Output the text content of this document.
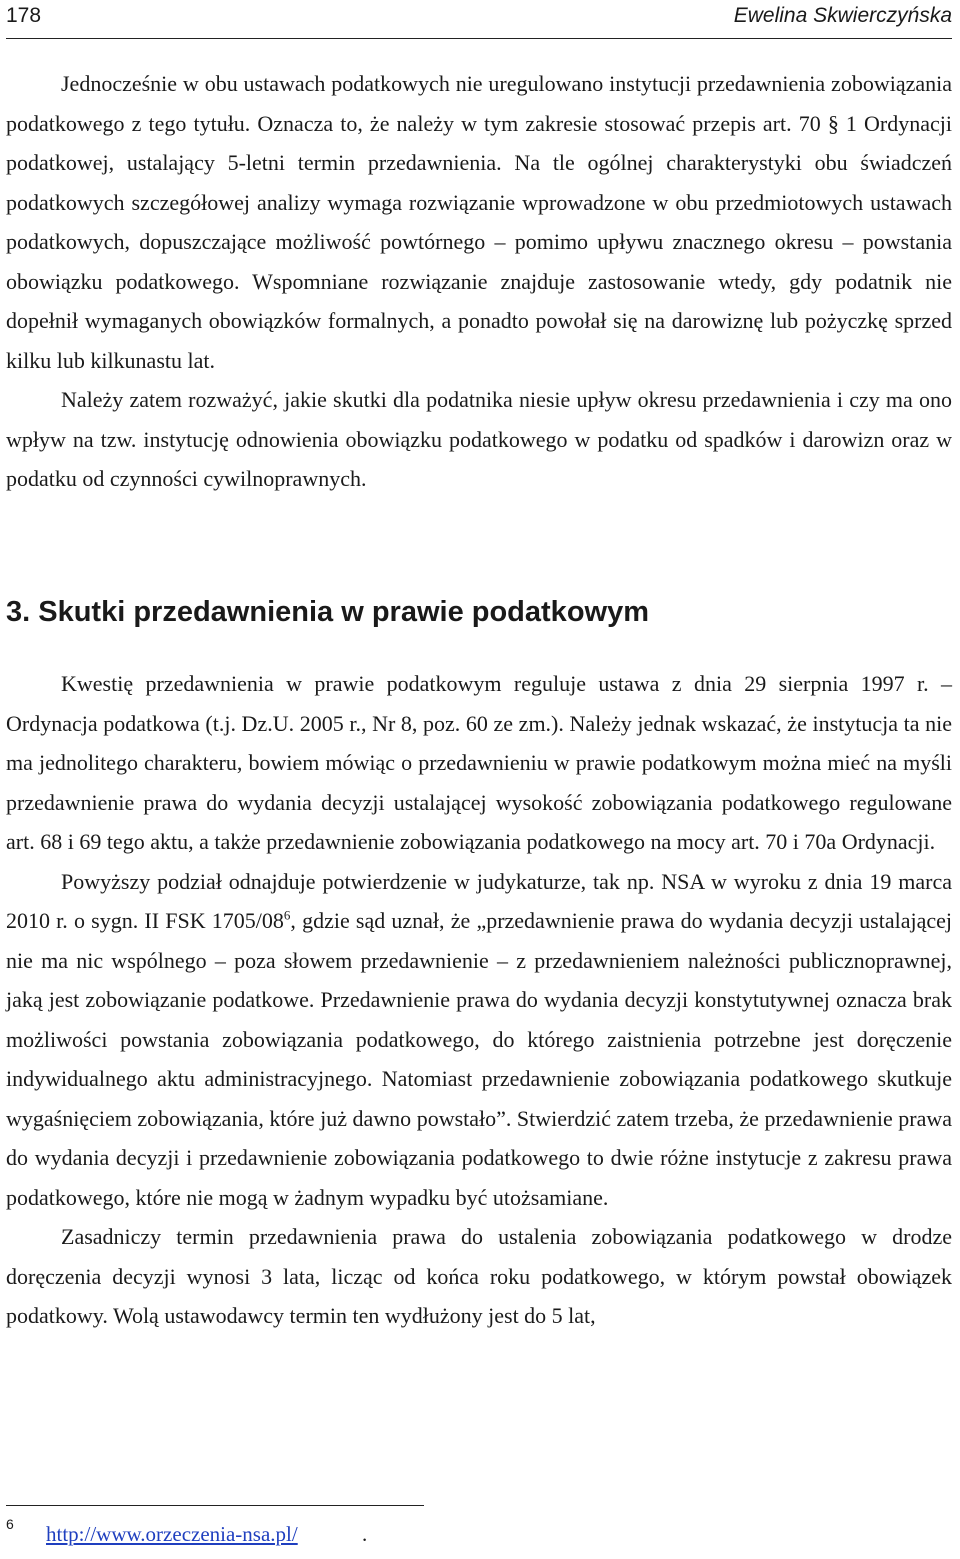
178	Ewelina Skwierczyńska

Jednocześnie w obu ustawach podatkowych nie uregulowano instytucji przedawnienia zobowiązania podatkowego z tego tytułu. Oznacza to, że należy w tym zakresie stosować przepis art. 70 § 1 Ordynacji podatkowej, ustalający 5-letni termin przedawnienia. Na tle ogólnej charakterystyki obu świadczeń podatkowych szczegółowej analizy wymaga rozwiązanie wprowadzone w obu przedmiotowych ustawach podatkowych, dopuszczające możliwość powtórnego – pomimo upływu znacznego okresu – powstania obowiązku podatkowego. Wspomniane rozwiązanie znajduje zastosowanie wtedy, gdy podatnik nie dopełnił wymaganych obowiązków formalnych, a ponadto powołał się na darowiznę lub pożyczkę sprzed kilku lub kilkunastu lat.

Należy zatem rozważyć, jakie skutki dla podatnika niesie upływ okresu przedawnienia i czy ma ono wpływ na tzw. instytucję odnowienia obowiązku podatkowego w podatku od spadków i darowizn oraz w podatku od czynności cywilnoprawnych.

3. Skutki przedawnienia w prawie podatkowym

Kwestię przedawnienia w prawie podatkowym reguluje ustawa z dnia 29 sierpnia 1997 r. – Ordynacja podatkowa (t.j. Dz.U. 2005 r., Nr 8, poz. 60 ze zm.). Należy jednak wskazać, że instytucja ta nie ma jednolitego charakteru, bowiem mówiąc o przedawnieniu w prawie podatkowym można mieć na myśli przedawnienie prawa do wydania decyzji ustalającej wysokość zobowiązania podatkowego regulowane art. 68 i 69 tego aktu, a także przedawnienie zobowiązania podatkowego na mocy art. 70 i 70a Ordynacji.

Powyższy podział odnajduje potwierdzenie w judykaturze, tak np. NSA w wyroku z dnia 19 marca 2010 r. o sygn. II FSK 1705/08$^6$, gdzie sąd uznał, że „przedawnienie prawa do wydania decyzji ustalającej nie ma nic wspólnego – poza słowem przedawnienie – z przedawnieniem należności publicznoprawnej, jaką jest zobowiązanie podatkowe. Przedawnienie prawa do wydania decyzji konstytutywnej oznacza brak możliwości powstania zobowiązania podatkowego, do którego zaistnienia potrzebne jest doręczenie indywidualnego aktu administracyjnego. Natomiast przedawnienie zobowiązania podatkowego skutkuje wygaśnięciem zobowiązania, które już dawno powstało”. Stwierdzić zatem trzeba, że przedawnienie prawa do wydania decyzji i przedawnienie zobowiązania podatkowego to dwie różne instytucje z zakresu prawa podatkowego, które nie mogą w żadnym wypadku być utożsamiane.

Zasadniczy termin przedawnienia prawa do ustalenia zobowiązania podatkowego w drodze doręczenia decyzji wynosi 3 lata, licząc od końca roku podatkowego, w którym powstał obowiązek podatkowy. Wolą ustawodawcy termin ten wydłużony jest do 5 lat,

6 http://www.orzeczenia-nsa.pl/	.
